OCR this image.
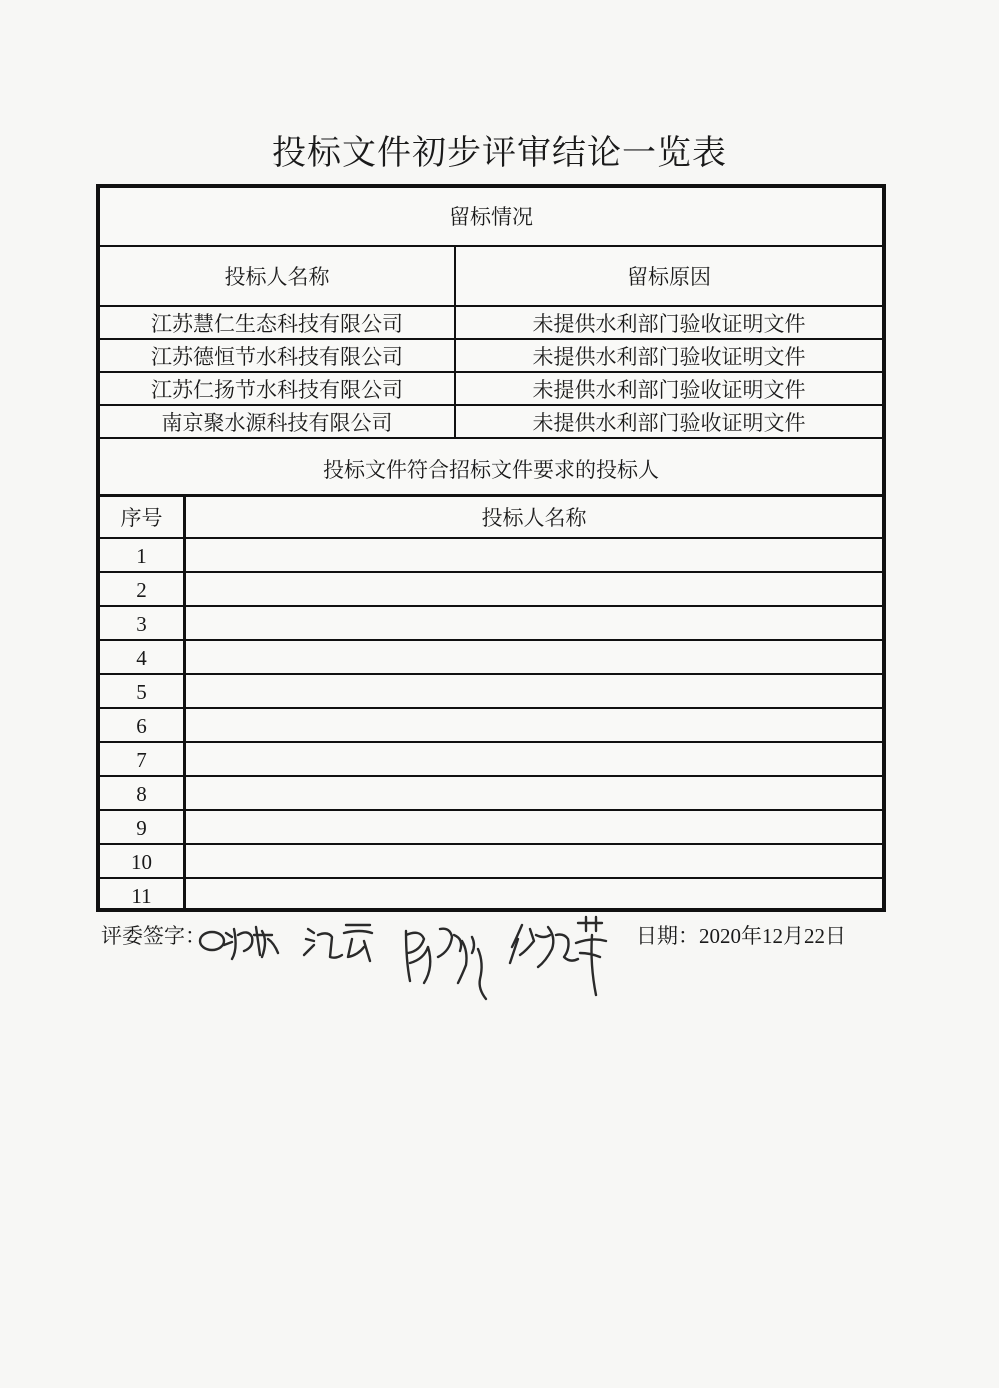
投标文件初步评审结论一览表
留标情况
投标人名称	留标原因
江苏慧仁生态科技有限公司	未提供水利部门验收证明文件
江苏德恒节水科技有限公司	未提供水利部门验收证明文件
江苏仁扬节水科技有限公司	未提供水利部门验收证明文件
南京聚水源科技有限公司	未提供水利部门验收证明文件
投标文件符合招标文件要求的投标人
序号	投标人名称
1
2
3
4
5
6
7
8
9
10
11
评委签字：	日期：2020年12月22日
